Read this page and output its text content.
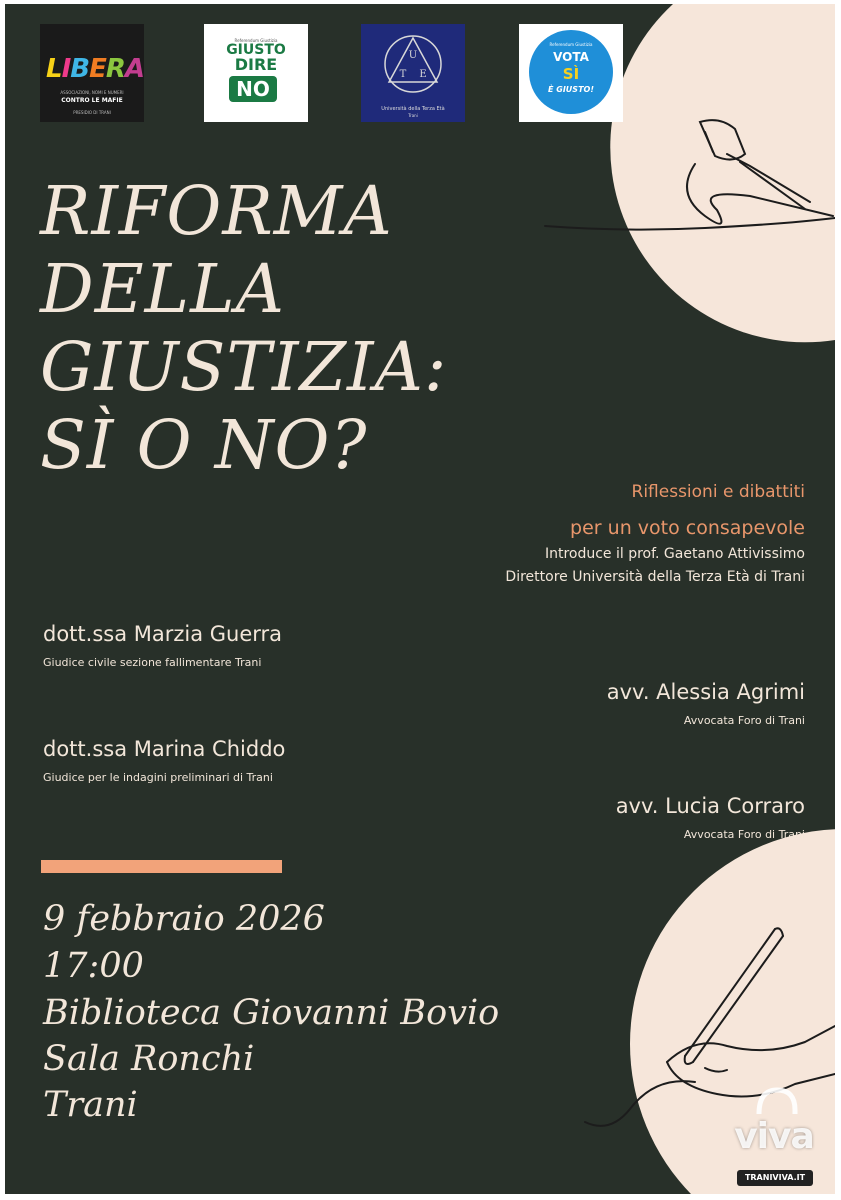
LIBERA
ASSOCIAZIONI, NOMI E NUMERI
CONTRO LE MAFIE
PRESIDIO DI TRANI
Referendum Giustizia
GIUSTO
DIRE
NO
U
T E
Università della Terza Età
Trani
Referendum Giustizia
VOTA
SÌ
È GIUSTO!
RIFORMA
DELLA
GIUSTIZIA:
SÌ O NO?
Riflessioni e dibattiti
per un voto consapevole
Introduce il prof. Gaetano Attivissimo
Direttore Università della Terza Età di Trani
dott.ssa Marzia Guerra
Giudice civile sezione fallimentare Trani
avv. Alessia Agrimi
Avvocata Foro di Trani
dott.ssa Marina Chiddo
Giudice per le indagini preliminari di Trani
avv. Lucia Corraro
Avvocata Foro di Trani
9 febbraio 2026
17:00
Biblioteca Giovanni Bovio
Sala Ronchi
Trani
viva
TRANIVIVA.IT
